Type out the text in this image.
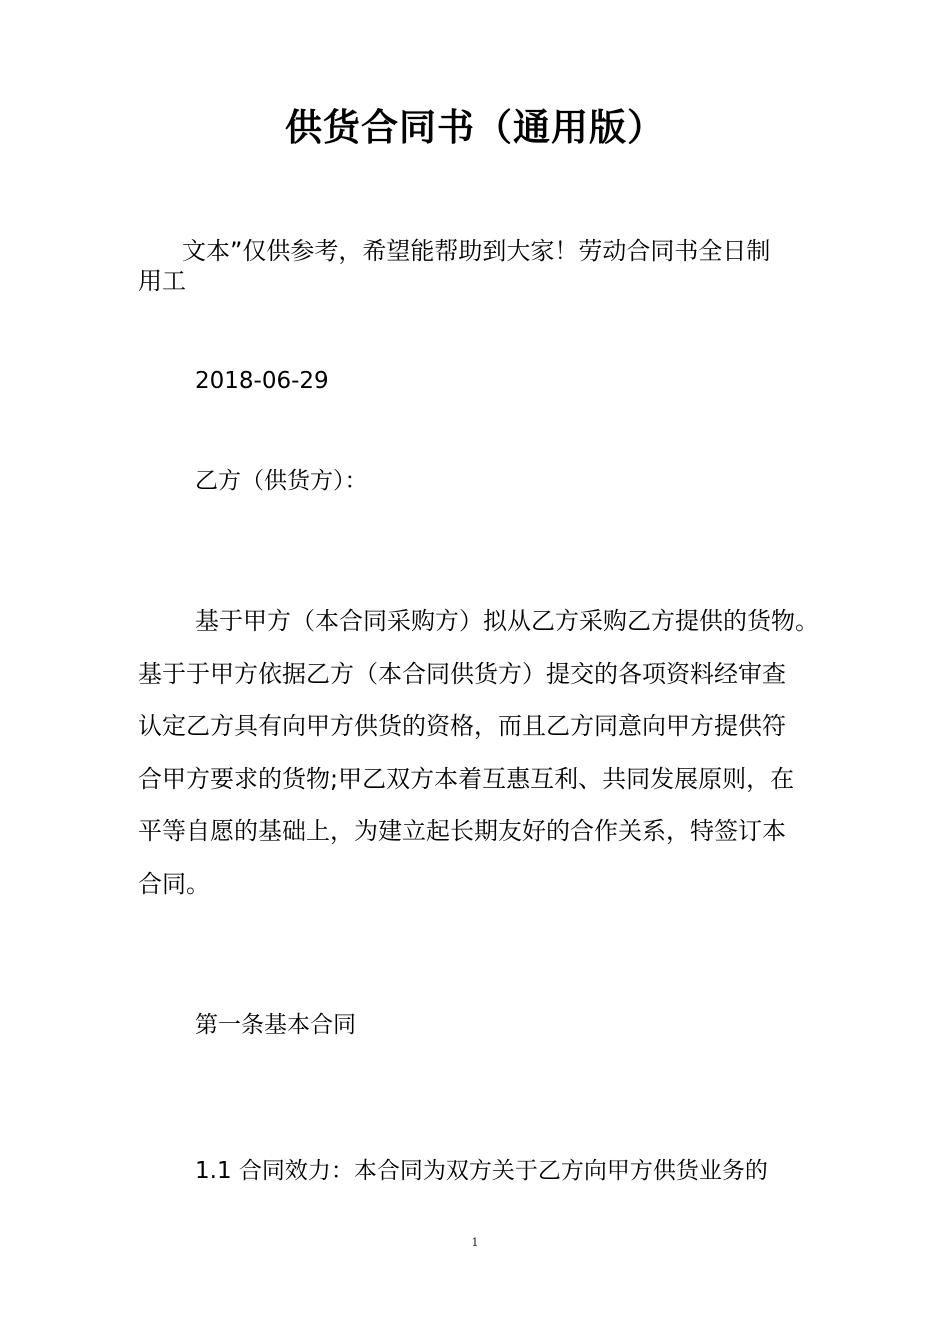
供货合同书（通用版）
文本”仅供参考，希望能帮助到大家！劳动合同书全日制
用工
2018-06-29
乙方（供货方）：
基于甲方（本合同采购方）拟从乙方采购乙方提供的货物。
基于于甲方依据乙方（本合同供货方）提交的各项资料经审查
认定乙方具有向甲方供货的资格，而且乙方同意向甲方提供符
合甲方要求的货物;甲乙双方本着互惠互利、共同发展原则，在
平等自愿的基础上，为建立起长期友好的合作关系，特签订本
合同。
第一条基本合同
1.1 合同效力：本合同为双方关于乙方向甲方供货业务的
1
